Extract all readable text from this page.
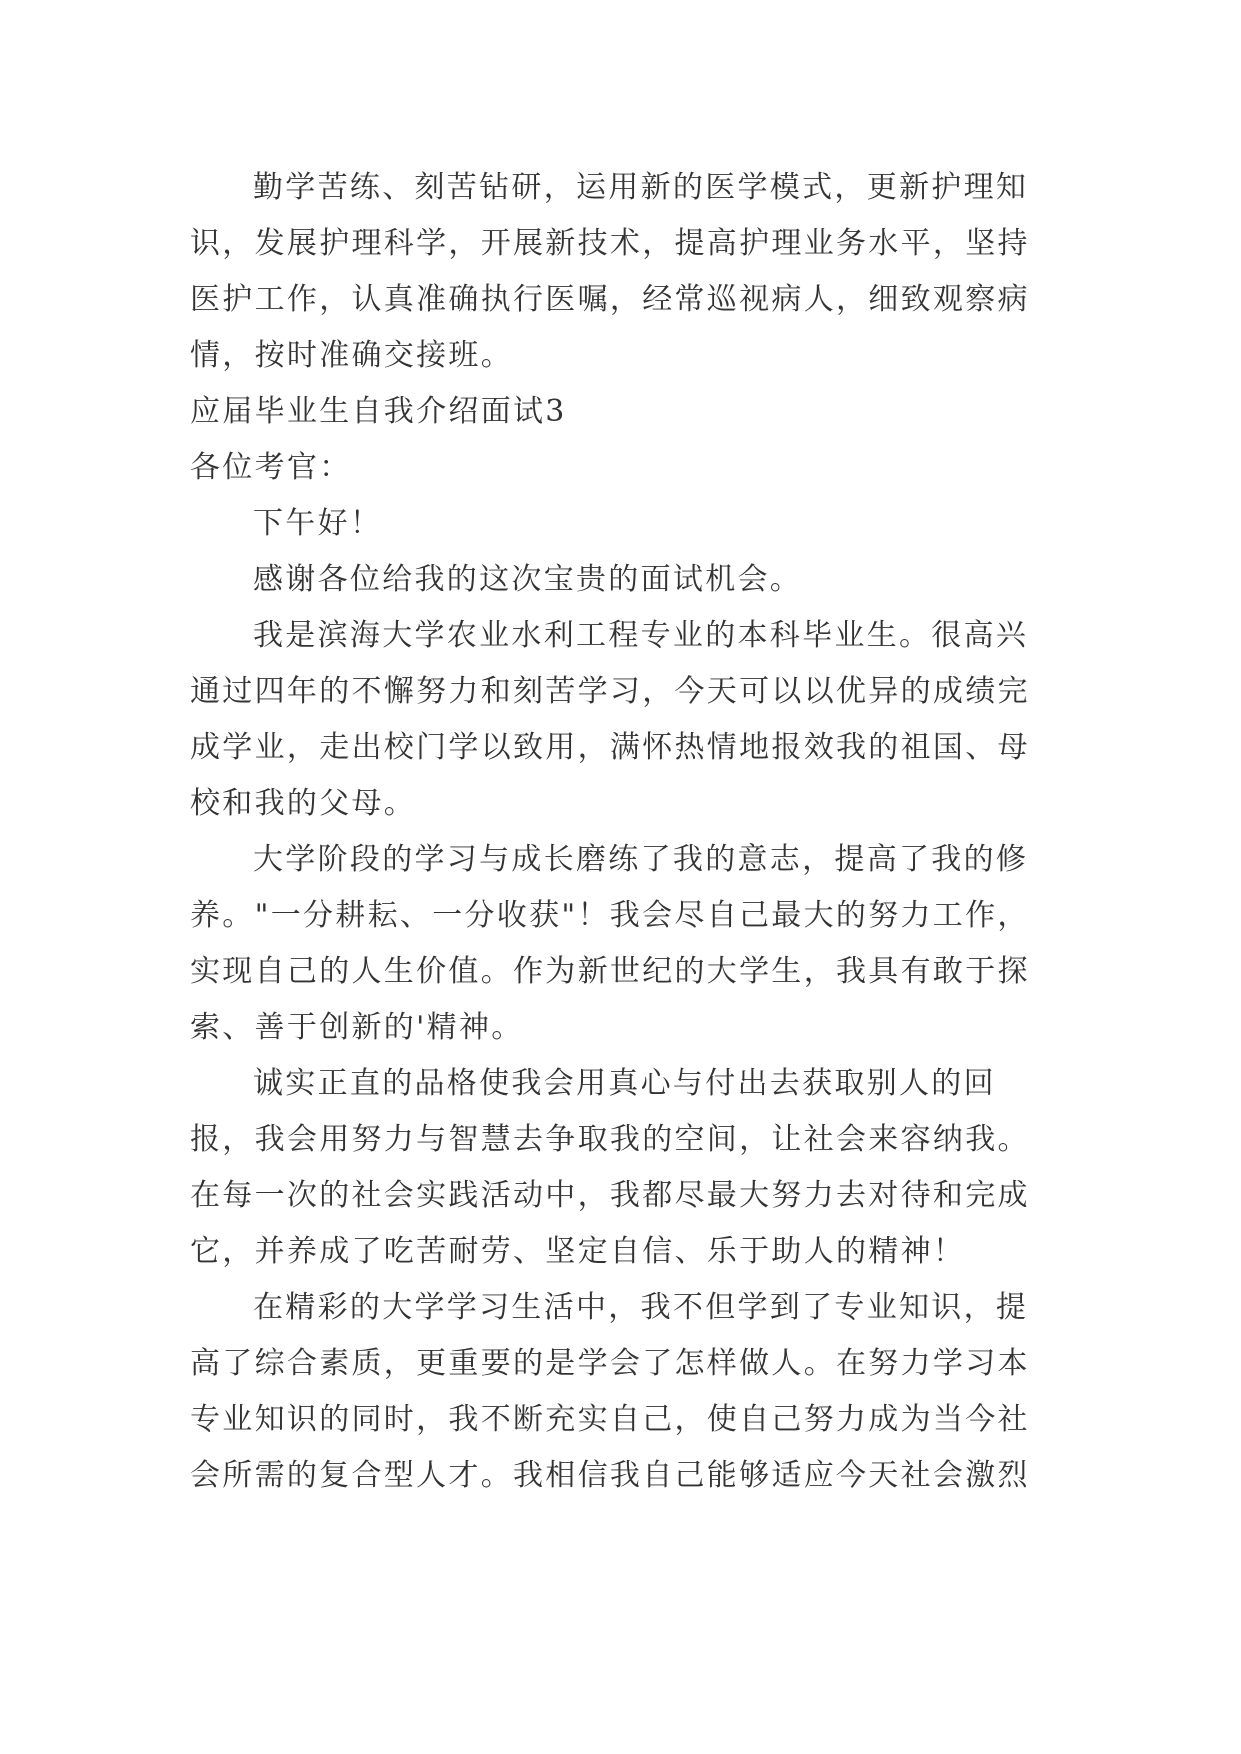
勤学苦练、刻苦钻研，运用新的医学模式，更新护理知
识，发展护理科学，开展新技术，提高护理业务水平，坚持
医护工作，认真准确执行医嘱，经常巡视病人，细致观察病
情，按时准确交接班。
应届毕业生自我介绍面试3
各位考官：
下午好！
感谢各位给我的这次宝贵的面试机会。
我是滨海大学农业水利工程专业的本科毕业生。很高兴
通过四年的不懈努力和刻苦学习，今天可以以优异的成绩完
成学业，走出校门学以致用，满怀热情地报效我的祖国、母
校和我的父母。
大学阶段的学习与成长磨练了我的意志，提高了我的修
养。"一分耕耘、一分收获"！我会尽自己最大的努力工作，
实现自己的人生价值。作为新世纪的大学生，我具有敢于探
索、善于创新的'精神。
诚实正直的品格使我会用真心与付出去获取别人的回
报，我会用努力与智慧去争取我的空间，让社会来容纳我。
在每一次的社会实践活动中，我都尽最大努力去对待和完成
它，并养成了吃苦耐劳、坚定自信、乐于助人的精神！
在精彩的大学学习生活中，我不但学到了专业知识，提
高了综合素质，更重要的是学会了怎样做人。在努力学习本
专业知识的同时，我不断充实自己，使自己努力成为当今社
会所需的复合型人才。我相信我自己能够适应今天社会激烈
